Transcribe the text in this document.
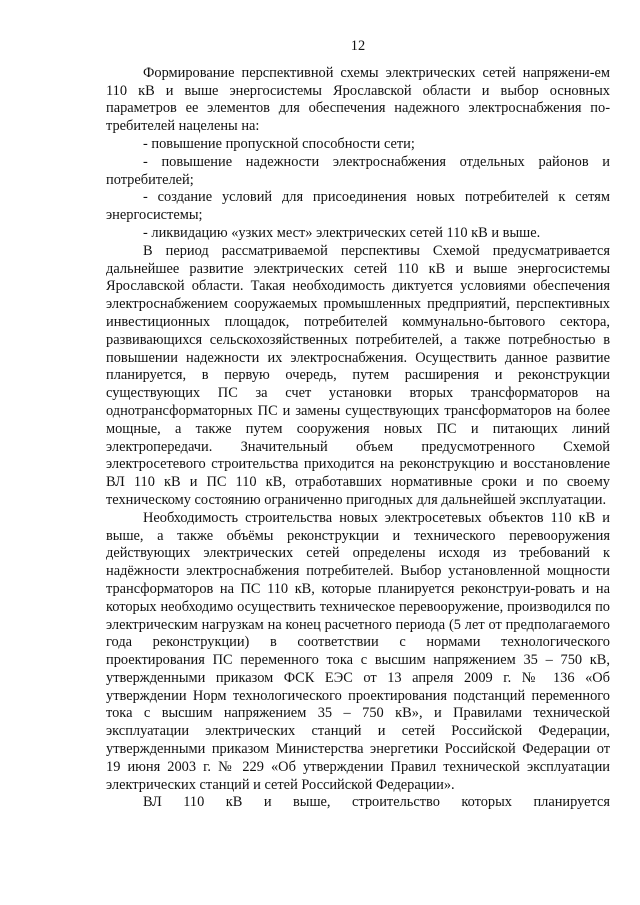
12

Формирование перспективной схемы электрических сетей напряжени-ем 110 кВ и выше энергосистемы Ярославской области и выбор основных параметров ее элементов для обеспечения надежного электроснабжения по-требителей нацелены на:

- повышение пропускной способности сети;

- повышение надежности электроснабжения отдельных районов и потребителей;

- создание условий для присоединения новых потребителей к сетям энергосистемы;

- ликвидацию «узких мест» электрических сетей 110 кВ и выше.

В период рассматриваемой перспективы Схемой предусматривается дальнейшее развитие электрических сетей 110 кВ и выше энергосистемы Ярославской области. Такая необходимость диктуется условиями обеспечения электроснабжением сооружаемых промышленных предприятий, перспективных инвестиционных площадок, потребителей коммунально-бытового сектора, развивающихся сельскохозяйственных потребителей, а также потребностью в повышении надежности их электроснабжения. Осуществить данное развитие планируется, в первую очередь, путем расширения и реконструкции существующих ПС за счет установки вторых трансформаторов на однотрансформаторных ПС и замены существующих трансформаторов на более мощные, а также путем сооружения новых ПС и питающих линий электропередачи. Значительный объем предусмотренного Схемой электросетевого строительства приходится на реконструкцию и восстановление ВЛ 110 кВ и ПС 110 кВ, отработавших нормативные сроки и по своему техническому состоянию ограниченно пригодных для дальнейшей эксплуатации.

Необходимость строительства новых электросетевых объектов 110 кВ и выше, а также объёмы реконструкции и технического перевооружения действующих электрических сетей определены исходя из требований к надёжности электроснабжения потребителей. Выбор установленной мощности трансформаторов на ПС 110 кВ, которые планируется реконструи-ровать и на которых необходимо осуществить техническое перевооружение, производился по электрическим нагрузкам на конец расчетного периода (5 лет от предполагаемого года реконструкции) в соответствии с нормами технологического проектирования ПС переменного тока с высшим напряжением 35 – 750 кВ, утвержденными приказом ФСК ЕЭС от 13 апреля 2009 г. № 136 «Об утверждении Норм технологического проектирования подстанций переменного тока с высшим напряжением 35 – 750 кВ», и Правилами технической эксплуатации электрических станций и сетей Российской Федерации, утвержденными приказом Министерства энергетики Российской Федерации от 19 июня 2003 г. № 229 «Об утверждении Правил технической эксплуатации электрических станций и сетей Российской Федерации».

ВЛ 110 кВ и выше, строительство которых планируется
